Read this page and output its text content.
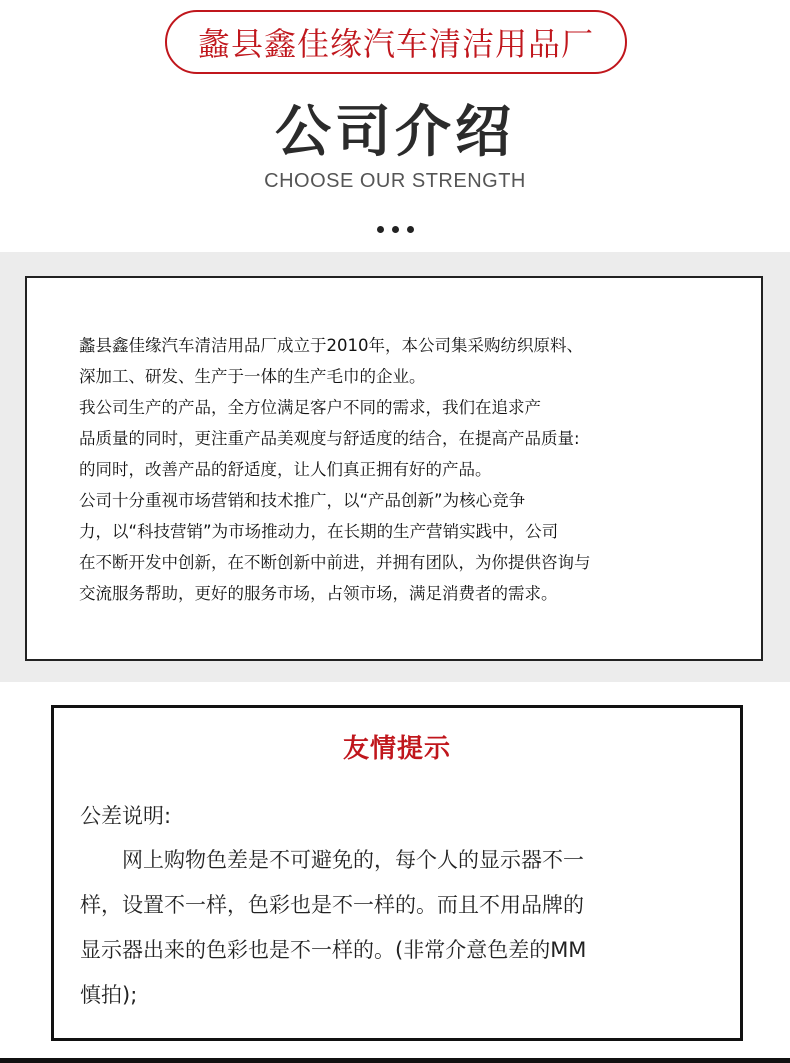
蠡县鑫佳缘汽车清洁用品厂
公司介绍
CHOOSE OUR STRENGTH
蠡县鑫佳缘汽车清洁用品厂成立于2010年，本公司集采购纺织原料、
深加工、研发、生产于一体的生产毛巾的企业。
我公司生产的产品，全方位满足客户不同的需求，我们在追求产
品质量的同时，更注重产品美观度与舒适度的结合，在提高产品质量:
的同时，改善产品的舒适度，让人们真正拥有好的产品。
公司十分重视市场营销和技术推广，以“产品创新”为核心竞争
力，以“科技营销”为市场推动力，在长期的生产营销实践中，公司
在不断开发中创新，在不断创新中前进，并拥有团队，为你提供咨询与
交流服务帮助，更好的服务市场，占领市场，满足消费者的需求。
友情提示
公差说明:
　　网上购物色差是不可避免的，每个人的显示器不一
样，设置不一样，色彩也是不一样的。而且不用品牌的
显示器出来的色彩也是不一样的。(非常介意色差的MM
慎拍);
